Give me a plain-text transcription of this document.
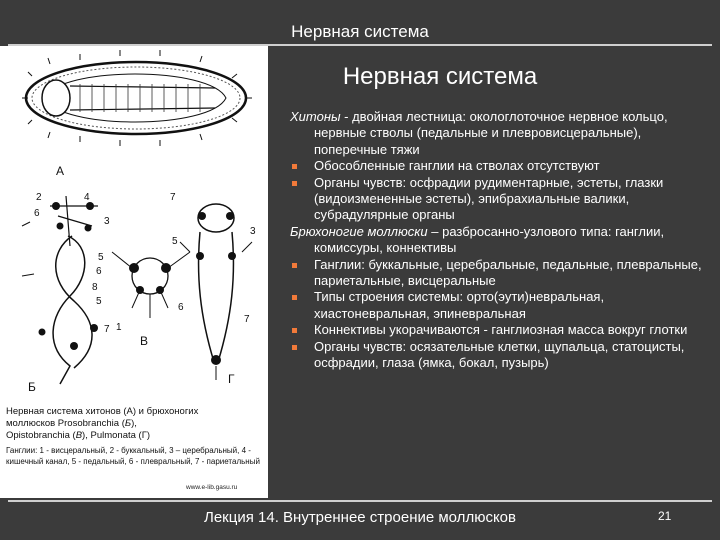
Нервная система
А
Б
В
Г
2	4
6
3
5
8
7
6
5
1
7
5
3
6
7
Нервная система хитонов (А) и брюхоногих
моллюсков Prosobranchia (Б),
Opistobranchia (В), Pulmonata (Г)
Ганглии: 1 - висцеральный, 2 - буккальный, 3 – церебральный, 4 - кишечный канал, 5 - педальный, 6 - плевральный, 7 - париетальный
www.e-lib.gasu.ru
Нервная система

Хитоны - двойная лестница: окологлоточное нервное кольцо, нервные стволы (педальные и плевровисцеральные), поперечные тяжи

Обособленные ганглии на стволах отсутствуют

Органы чувств: осфрадии рудиментарные, эстеты, глазки (видоизмененные эстеты), эпибрахиальные валики, субрадулярные органы

Брюхоногие моллюски – разбросанно-узлового типа: ганглии, комиссуры, коннективы

Ганглии: буккальные, церебральные, педальные, плевральные, париетальные, висцеральные

Типы строения системы: орто(эути)невральная, хиастоневральная, эпиневральная

Коннективы укорачиваются - ганглиозная масса вокруг глотки

Органы чувств: осязательные клетки, щупальца, статоцисты, осфрадии, глаза (ямка, бокал, пузырь)

Лекция 14. Внутреннее строение моллюсков	21
